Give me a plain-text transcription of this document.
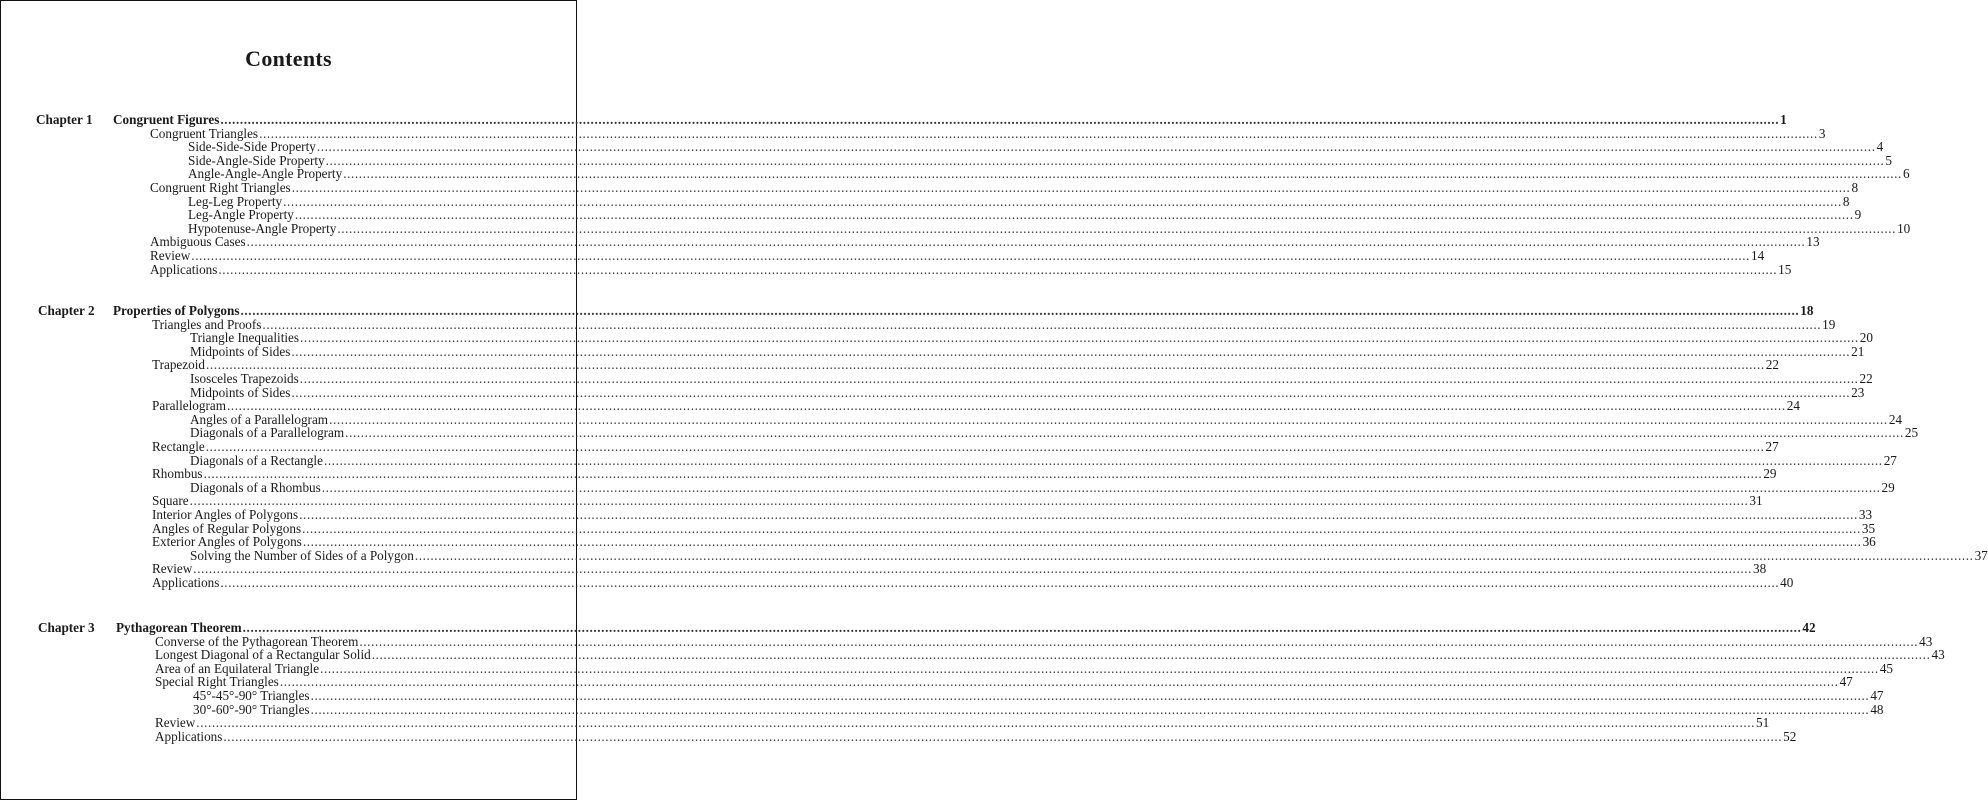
Contents
Chapter 1 Congruent Figures ................................................................................................................................................................................................................................................................................................................................................................................................................ 1
Congruent Triangles ................................................................................................................................................................................................................................................................................................................................................................................................................ 3
Side-Side-Side Property ................................................................................................................................................................................................................................................................................................................................................................................................................ 4
Side-Angle-Side Property ................................................................................................................................................................................................................................................................................................................................................................................................................ 5
Angle-Angle-Angle Property ................................................................................................................................................................................................................................................................................................................................................................................................................ 6
Congruent Right Triangles ................................................................................................................................................................................................................................................................................................................................................................................................................ 8
Leg-Leg Property ................................................................................................................................................................................................................................................................................................................................................................................................................ 8
Leg-Angle Property ................................................................................................................................................................................................................................................................................................................................................................................................................ 9
Hypotenuse-Angle Property ................................................................................................................................................................................................................................................................................................................................................................................................................ 10
Ambiguous Cases ................................................................................................................................................................................................................................................................................................................................................................................................................ 13
Review ................................................................................................................................................................................................................................................................................................................................................................................................................ 14
Applications ................................................................................................................................................................................................................................................................................................................................................................................................................ 15
Chapter 2 Properties of Polygons ................................................................................................................................................................................................................................................................................................................................................................................................................ 18
Triangles and Proofs ................................................................................................................................................................................................................................................................................................................................................................................................................ 19
Triangle Inequalities ................................................................................................................................................................................................................................................................................................................................................................................................................ 20
Midpoints of Sides ................................................................................................................................................................................................................................................................................................................................................................................................................ 21
Trapezoid ................................................................................................................................................................................................................................................................................................................................................................................................................ 22
Isosceles Trapezoids ................................................................................................................................................................................................................................................................................................................................................................................................................ 22
Midpoints of Sides ................................................................................................................................................................................................................................................................................................................................................................................................................ 23
Parallelogram ................................................................................................................................................................................................................................................................................................................................................................................................................ 24
Angles of a Parallelogram ................................................................................................................................................................................................................................................................................................................................................................................................................ 24
Diagonals of a Parallelogram ................................................................................................................................................................................................................................................................................................................................................................................................................ 25
Rectangle ................................................................................................................................................................................................................................................................................................................................................................................................................ 27
Diagonals of a Rectangle ................................................................................................................................................................................................................................................................................................................................................................................................................ 27
Rhombus ................................................................................................................................................................................................................................................................................................................................................................................................................ 29
Diagonals of a Rhombus ................................................................................................................................................................................................................................................................................................................................................................................................................ 29
Square ................................................................................................................................................................................................................................................................................................................................................................................................................ 31
Interior Angles of Polygons ................................................................................................................................................................................................................................................................................................................................................................................................................ 33
Angles of Regular Polygons ................................................................................................................................................................................................................................................................................................................................................................................................................ 35
Exterior Angles of Polygons ................................................................................................................................................................................................................................................................................................................................................................................................................ 36
Solving the Number of Sides of a Polygon ................................................................................................................................................................................................................................................................................................................................................................................................................ 37
Review ................................................................................................................................................................................................................................................................................................................................................................................................................ 38
Applications ................................................................................................................................................................................................................................................................................................................................................................................................................ 40
Chapter 3 Pythagorean Theorem ................................................................................................................................................................................................................................................................................................................................................................................................................ 42
Converse of the Pythagorean Theorem ................................................................................................................................................................................................................................................................................................................................................................................................................ 43
Longest Diagonal of a Rectangular Solid ................................................................................................................................................................................................................................................................................................................................................................................................................ 43
Area of an Equilateral Triangle ................................................................................................................................................................................................................................................................................................................................................................................................................ 45
Special Right Triangles ................................................................................................................................................................................................................................................................................................................................................................................................................ 47
45°-45°-90° Triangles ................................................................................................................................................................................................................................................................................................................................................................................................................ 47
30°-60°-90° Triangles ................................................................................................................................................................................................................................................................................................................................................................................................................ 48
Review ................................................................................................................................................................................................................................................................................................................................................................................................................ 51
Applications ................................................................................................................................................................................................................................................................................................................................................................................................................ 52
